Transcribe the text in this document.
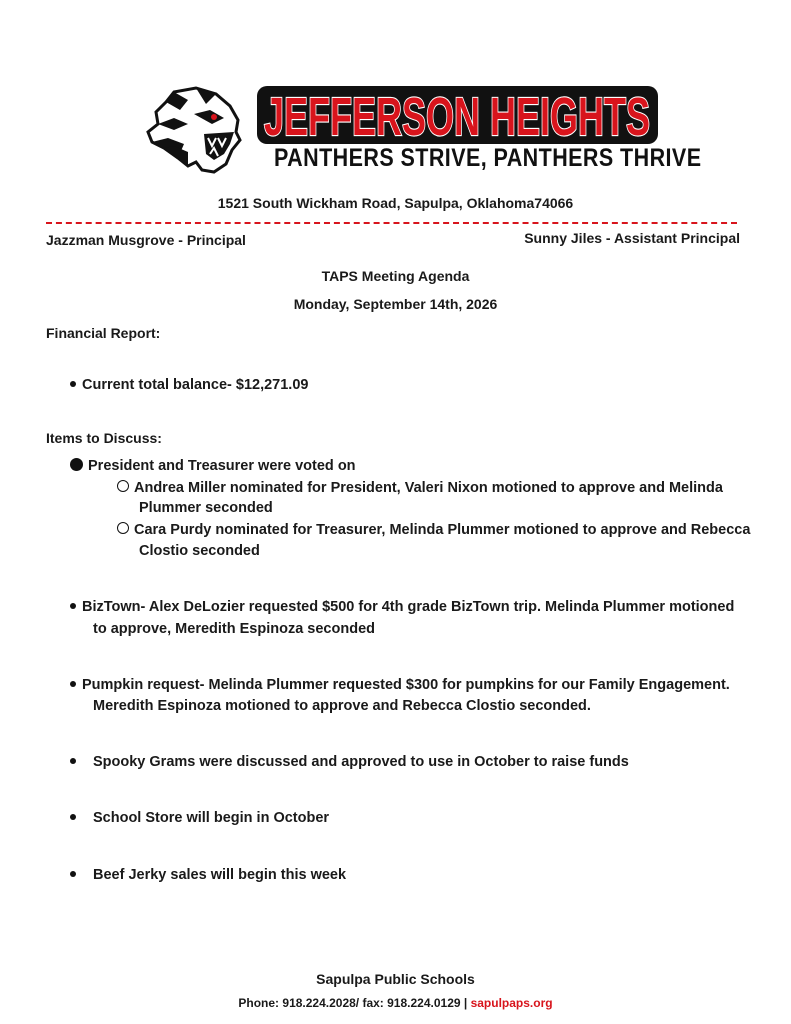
JEFFERSON HEIGHTS
PANTHERS STRIVE, PANTHERS THRIVE
1521 South Wickham Road, Sapulpa, Oklahoma74066
Jazzman Musgrove - Principal	Sunny Jiles - Assistant Principal
TAPS Meeting Agenda
Monday, September 14th, 2026
Financial Report:
Current total balance- $12,271.09
Items to Discuss:
President and Treasurer were voted on
Andrea Miller nominated for President, Valeri Nixon motioned to approve and Melinda
Plummer seconded
Cara Purdy nominated for Treasurer, Melinda Plummer motioned to approve and Rebecca
Clostio seconded
BizTown- Alex DeLozier requested $500 for 4th grade BizTown trip. Melinda Plummer motioned
to approve, Meredith Espinoza seconded
Pumpkin request- Melinda Plummer requested $300 for pumpkins for our Family Engagement.
Meredith Espinoza motioned to approve and Rebecca Clostio seconded.
Spooky Grams were discussed and approved to use in October to raise funds
School Store will begin in October
Beef Jerky sales will begin this week
Sapulpa Public Schools
Phone: 918.224.2028/ fax: 918.224.0129 | sapulpaps.org
